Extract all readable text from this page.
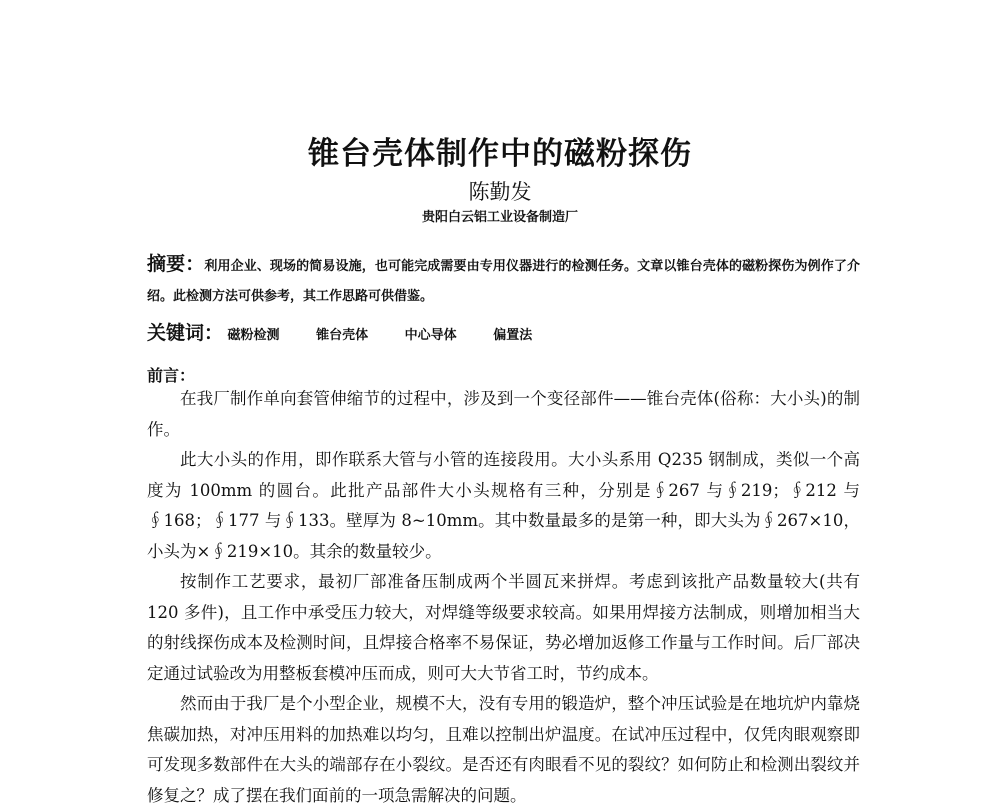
锥台壳体制作中的磁粉探伤
陈勤发
贵阳白云铝工业设备制造厂
摘要：利用企业、现场的简易设施，也可能完成需要由专用仪器进行的检测任务。文章以锥台壳体的磁粉探伤为例作了介绍。此检测方法可供参考，其工作思路可供借鉴。
关键词： 磁粉检测	锥台壳体	中心导体	偏置法
前言：

在我厂制作单向套管伸缩节的过程中，涉及到一个变径部件——锥台壳体(俗称：大小头)的制作。

此大小头的作用，即作联系大管与小管的连接段用。大小头系用 Q235 钢制成，类似一个高度为 100mm 的圆台。此批产品部件大小头规格有三种，分别是∮267 与∮219；∮212 与∮168；∮177 与∮133。壁厚为 8~10mm。其中数量最多的是第一种，即大头为∮267×10，小头为×∮219×10。其余的数量较少。

按制作工艺要求，最初厂部准备压制成两个半圆瓦来拼焊。考虑到该批产品数量较大(共有 120 多件)，且工作中承受压力较大，对焊缝等级要求较高。如果用焊接方法制成，则增加相当大的射线探伤成本及检测时间，且焊接合格率不易保证，势必增加返修工作量与工作时间。后厂部决定通过试验改为用整板套模冲压而成，则可大大节省工时，节约成本。

然而由于我厂是个小型企业，规模不大，没有专用的锻造炉，整个冲压试验是在地坑炉内靠烧焦碳加热，对冲压用料的加热难以均匀，且难以控制出炉温度。在试冲压过程中，仅凭肉眼观察即可发现多数部件在大头的端部存在小裂纹。是否还有肉眼看不见的裂纹？如何防止和检测出裂纹并修复之？成了摆在我们面前的一项急需解决的问题。
